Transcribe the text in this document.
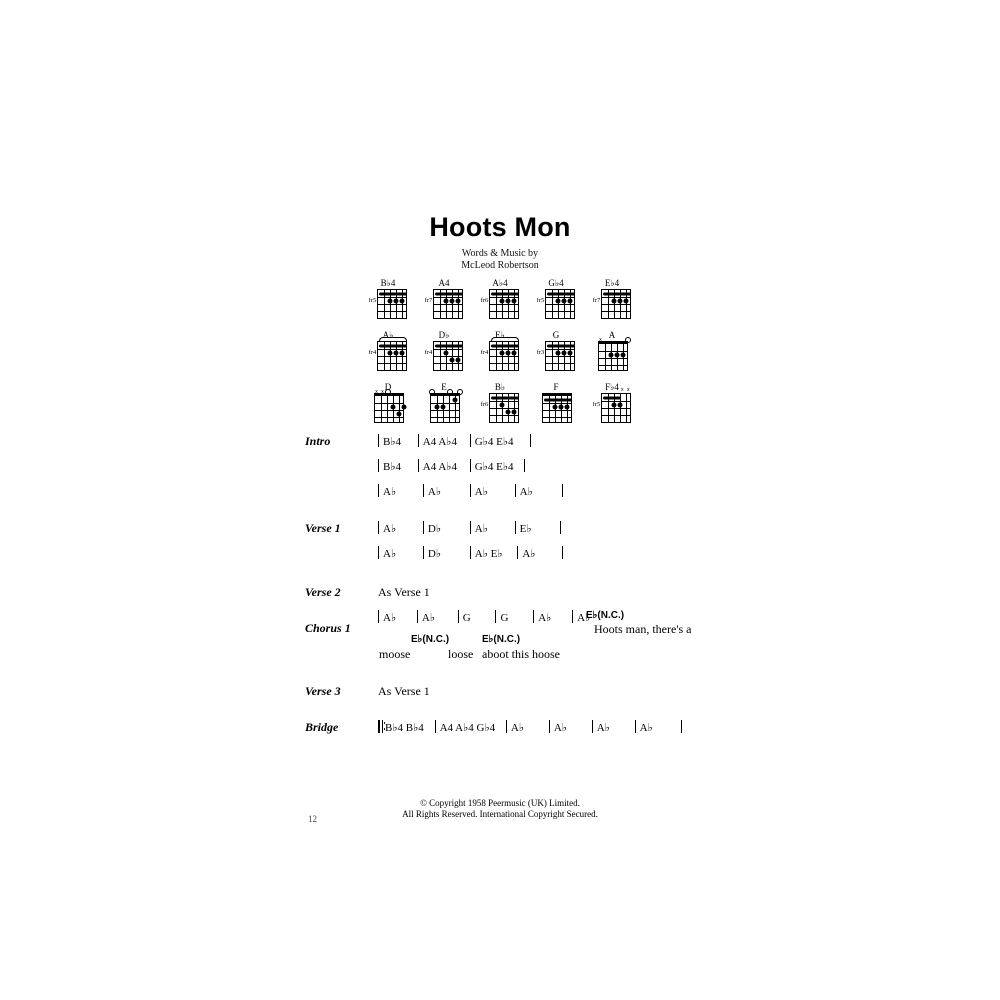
Hoots Mon
Words & Music by
McLeod Robertson
B♭4
fr5
A4
fr7
A♭4
fr6
G♭4
fr5
E♭4
fr7
A♭
fr4
D♭
fr4
E♭
fr4
G
fr3
A
x
D
x x	E	B♭
fr6
F	F♭4
fr5
x x
Intro	B♭4 A4 A♭4 G♭4 E♭4
B♭4 A4 A♭4 G♭4 E♭4
A♭	A♭	A♭	A♭
Verse 1	A♭	D♭	A♭	E♭
A♭	D♭	A♭ E♭ A♭
Verse 2	As Verse 1
Chorus 1
A♭ A♭	G	G	A♭ A♭
E♭(N.C.)
Hoots man, there's a
E♭(N.C.)	E♭(N.C.)
moose	loose aboot this hoose
Verse 3	As Verse 1
Bridge	B♭4 B♭4 A4 A♭4 G♭4 A♭	A♭	A♭	A♭
© Copyright 1958 Peermusic (UK) Limited.
All Rights Reserved. International Copyright Secured.
12
